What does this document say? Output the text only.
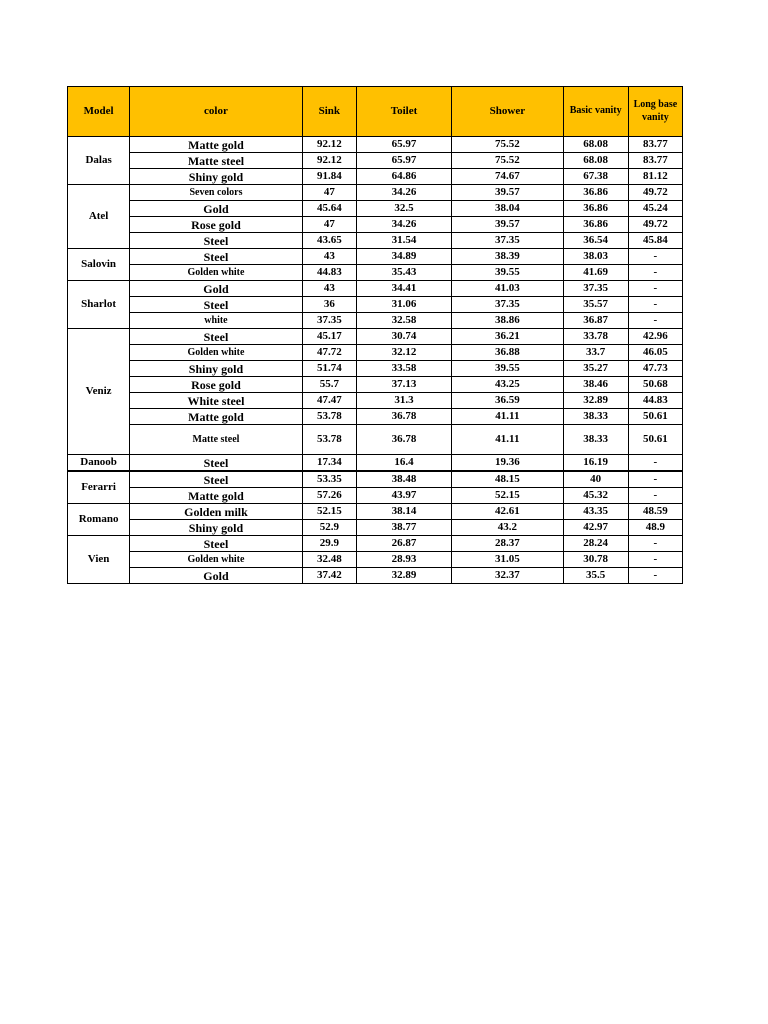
Model	color	Sink	Toilet	Shower	Basic vanity	Long base vanity
Dalas	Matte gold	92.12	65.97	75.52	68.08	83.77
	Matte steel	92.12	65.97	75.52	68.08	83.77
	Shiny gold	91.84	64.86	74.67	67.38	81.12
Atel	Seven colors	47	34.26	39.57	36.86	49.72
	Gold	45.64	32.5	38.04	36.86	45.24
	Rose gold	47	34.26	39.57	36.86	49.72
	Steel	43.65	31.54	37.35	36.54	45.84
Salovin	Steel	43	34.89	38.39	38.03	-
	Golden white	44.83	35.43	39.55	41.69	-
Sharlot	Gold	43	34.41	41.03	37.35	-
	Steel	36	31.06	37.35	35.57	-
	white	37.35	32.58	38.86	36.87	-
Veniz	Steel	45.17	30.74	36.21	33.78	42.96
	Golden white	47.72	32.12	36.88	33.7	46.05
	Shiny gold	51.74	33.58	39.55	35.27	47.73
	Rose gold	55.7	37.13	43.25	38.46	50.68
	White steel	47.47	31.3	36.59	32.89	44.83
	Matte gold	53.78	36.78	41.11	38.33	50.61
	Matte steel	53.78	36.78	41.11	38.33	50.61
Danoob	Steel	17.34	16.4	19.36	16.19	-
Ferarri	Steel	53.35	38.48	48.15	40	-
	Matte gold	57.26	43.97	52.15	45.32	-
Romano	Golden milk	52.15	38.14	42.61	43.35	48.59
	Shiny gold	52.9	38.77	43.2	42.97	48.9
Vien	Steel	29.9	26.87	28.37	28.24	-
	Golden white	32.48	28.93	31.05	30.78	-
	Gold	37.42	32.89	32.37	35.5	-
